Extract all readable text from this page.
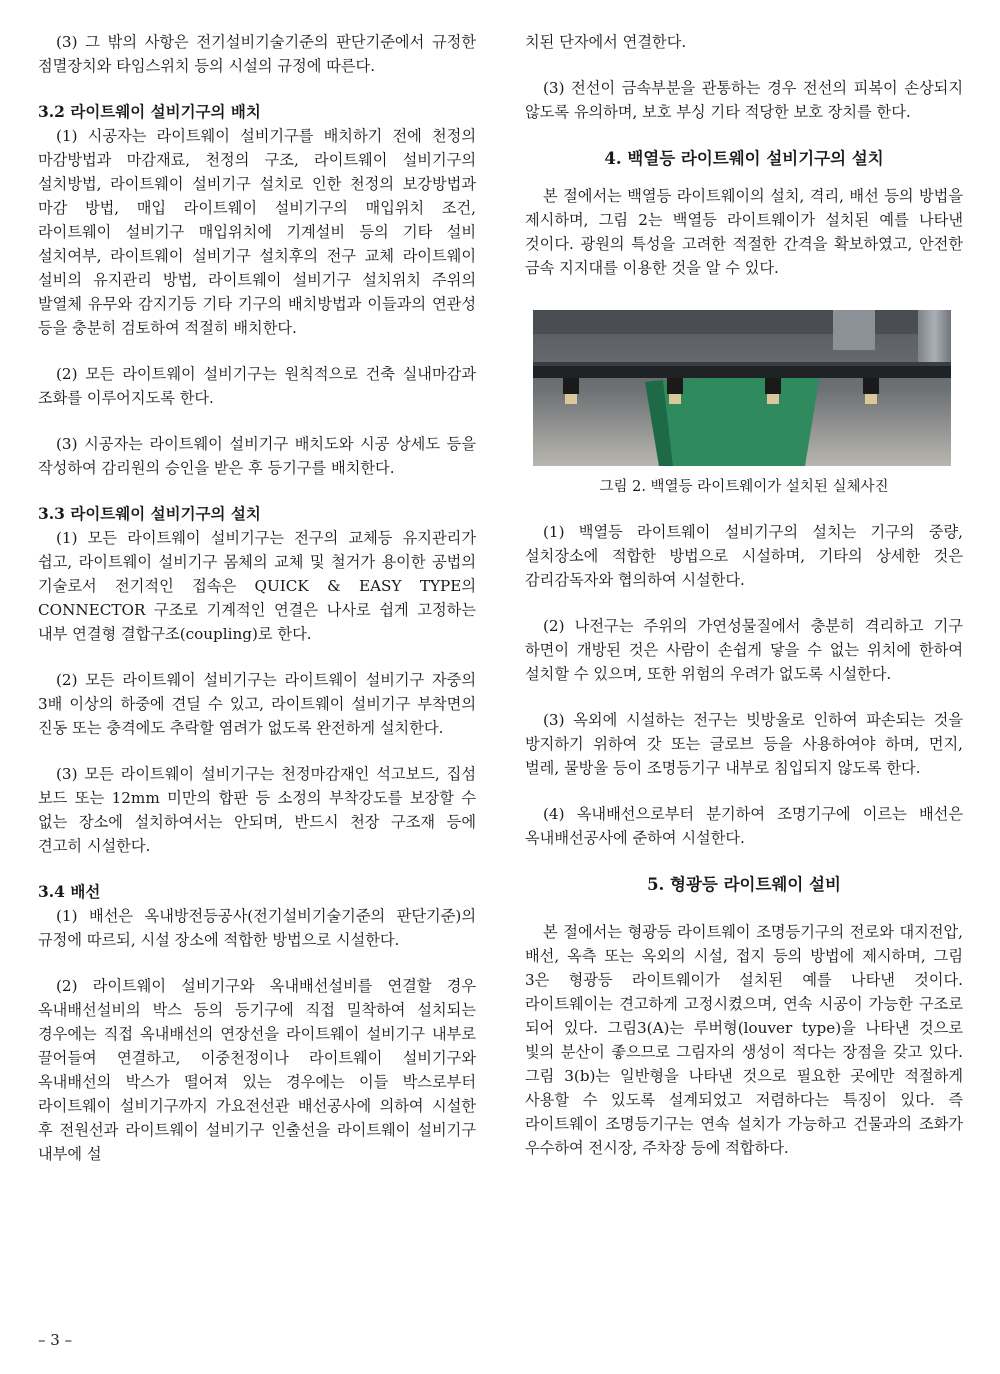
(3) 그 밖의 사항은 전기설비기술기준의 판단기준에서 규정한 점멸장치와 타임스위치 등의 시설의 규정에 따른다.

3.2 라이트웨이 설비기구의 배치

(1) 시공자는 라이트웨이 설비기구를 배치하기 전에 천정의 마감방법과 마감재료, 천정의 구조, 라이트웨이 설비기구의 설치방법, 라이트웨이 설비기구 설치로 인한 천정의 보강방법과 마감 방법, 매입 라이트웨이 설비기구의 매입위치 조건, 라이트웨이 설비기구 매입위치에 기계설비 등의 기타 설비 설치여부, 라이트웨이 설비기구 설치후의 전구 교체 라이트웨이 설비의 유지관리 방법, 라이트웨이 설비기구 설치위치 주위의 발열체 유무와 감지기등 기타 기구의 배치방법과 이들과의 연관성 등을 충분히 검토하여 적절히 배치한다.

(2) 모든 라이트웨이 설비기구는 원칙적으로 건축 실내마감과 조화를 이루어지도록 한다.

(3) 시공자는 라이트웨이 설비기구 배치도와 시공 상세도 등을 작성하여 감리원의 승인을 받은 후 등기구를 배치한다.

3.3 라이트웨이 설비기구의 설치

(1) 모든 라이트웨이 설비기구는 전구의 교체등 유지관리가 쉽고, 라이트웨이 설비기구 몸체의 교체 및 철거가 용이한 공법의 기술로서 전기적인 접속은 QUICK & EASY TYPE의 CONNECTOR 구조로 기계적인 연결은 나사로 쉽게 고정하는 내부 연결형 결합구조(coupling)로 한다.

(2) 모든 라이트웨이 설비기구는 라이트웨이 설비기구 자중의 3배 이상의 하중에 견딜 수 있고, 라이트웨이 설비기구 부착면의 진동 또는 충격에도 추락할 염려가 없도록 완전하게 설치한다.

(3) 모든 라이트웨이 설비기구는 천정마감재인 석고보드, 집섬 보드 또는 12mm 미만의 합판 등 소정의 부착강도를 보장할 수 없는 장소에 설치하여서는 안되며, 반드시 천장 구조재 등에 견고히 시설한다.

3.4 배선

(1) 배선은 옥내방전등공사(전기설비기술기준의 판단기준)의 규정에 따르되, 시설 장소에 적합한 방법으로 시설한다.

(2) 라이트웨이 설비기구와 옥내배선설비를 연결할 경우 옥내배선설비의 박스 등의 등기구에 직접 밀착하여 설치되는 경우에는 직접 옥내배선의 연장선을 라이트웨이 설비기구 내부로 끌어들여 연결하고, 이중천정이나 라이트웨이 설비기구와 옥내배선의 박스가 떨어져 있는 경우에는 이들 박스로부터 라이트웨이 설비기구까지 가요전선관 배선공사에 의하여 시설한 후 전원선과 라이트웨이 설비기구 인출선을 라이트웨이 설비기구 내부에 설

치된 단자에서 연결한다.

(3) 전선이 금속부분을 관통하는 경우 전선의 피복이 손상되지 않도록 유의하며, 보호 부싱 기타 적당한 보호 장치를 한다.

4. 백열등 라이트웨이 설비기구의 설치

본 절에서는 백열등 라이트웨이의 설치, 격리, 배선 등의 방법을 제시하며, 그림 2는 백열등 라이트웨이가 설치된 예를 나타낸 것이다. 광원의 특성을 고려한 적절한 간격을 확보하였고, 안전한 금속 지지대를 이용한 것을 알 수 있다.

그림 2. 백열등 라이트웨이가 설치된 실체사진

(1) 백열등 라이트웨이 설비기구의 설치는 기구의 중량, 설치장소에 적합한 방법으로 시설하며, 기타의 상세한 것은 감리감독자와 협의하여 시설한다.

(2) 나전구는 주위의 가연성물질에서 충분히 격리하고 기구 하면이 개방된 것은 사람이 손쉽게 닿을 수 없는 위치에 한하여 설치할 수 있으며, 또한 위험의 우려가 없도록 시설한다.

(3) 옥외에 시설하는 전구는 빗방울로 인하여 파손되는 것을 방지하기 위하여 갓 또는 글로브 등을 사용하여야 하며, 먼지, 벌레, 물방울 등이 조명등기구 내부로 침입되지 않도록 한다.

(4) 옥내배선으로부터 분기하여 조명기구에 이르는 배선은 옥내배선공사에 준하여 시설한다.

5. 형광등 라이트웨이 설비

본 절에서는 형광등 라이트웨이 조명등기구의 전로와 대지전압, 배선, 옥측 또는 옥외의 시설, 접지 등의 방법에 제시하며, 그림 3은 형광등 라이트웨이가 설치된 예를 나타낸 것이다. 라이트웨이는 견고하게 고정시켰으며, 연속 시공이 가능한 구조로 되어 있다. 그림3(A)는 루버형(louver type)을 나타낸 것으로 빛의 분산이 좋으므로 그림자의 생성이 적다는 장점을 갖고 있다. 그림 3(b)는 일반형을 나타낸 것으로 필요한 곳에만 적절하게 사용할 수 있도록 설계되었고 저렴하다는 특징이 있다. 즉 라이트웨이 조명등기구는 연속 설치가 가능하고 건물과의 조화가 우수하여 전시장, 주차장 등에 적합하다.

– 3 –
